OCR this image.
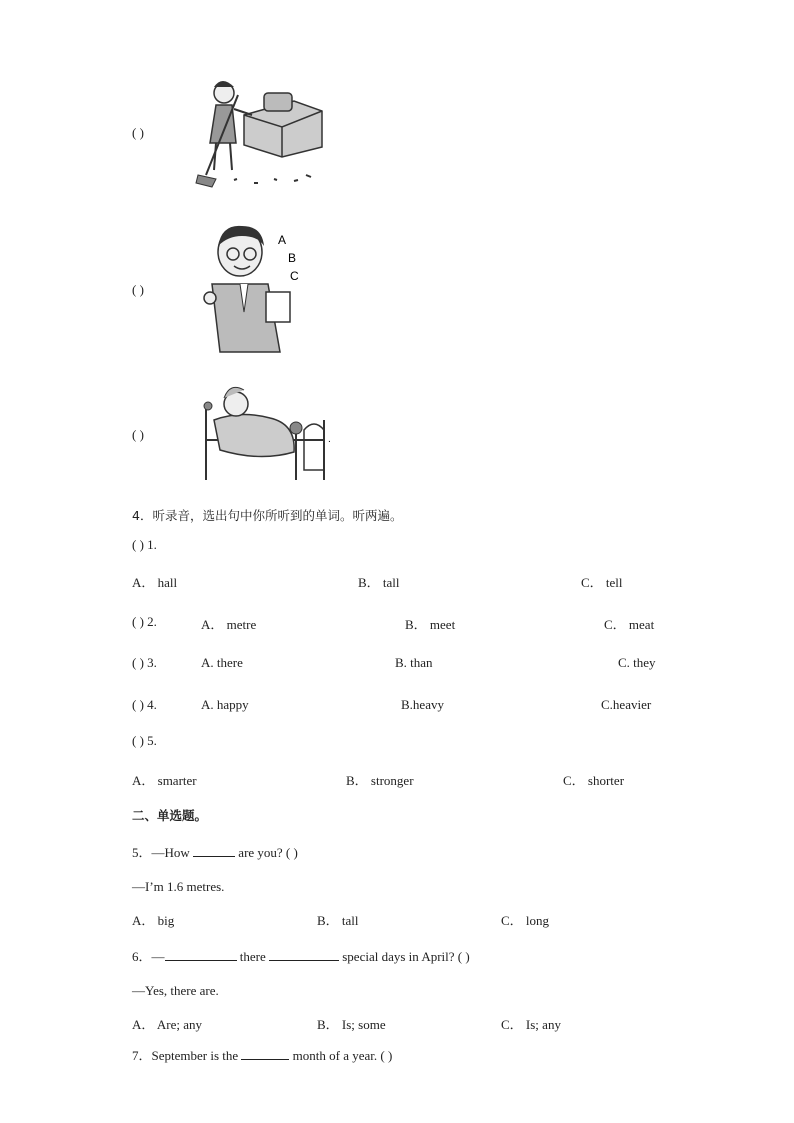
( )
( )
A
B
C
( )	.
4．听录音，选出句中你所听到的单词。听两遍。
( ) 1.
A． hall	B． tall	C． tell
( ) 2.	A． metre	B． meet	C． meat
( ) 3.	A. there	B. than	C. they
( ) 4.	A. happy	B.heavy	C.heavier
( ) 5.
A． smarter	B． stronger	C． shorter
二、单选题。
5．—How	are you? ( )
—I’m 1.6 metres.
A． big	B． tall	C． long
6．—	there	special days in April? ( )
—Yes, there are.
A． Are; any	B． Is; some	C． Is; any
7．September is the	month of a year. ( )
